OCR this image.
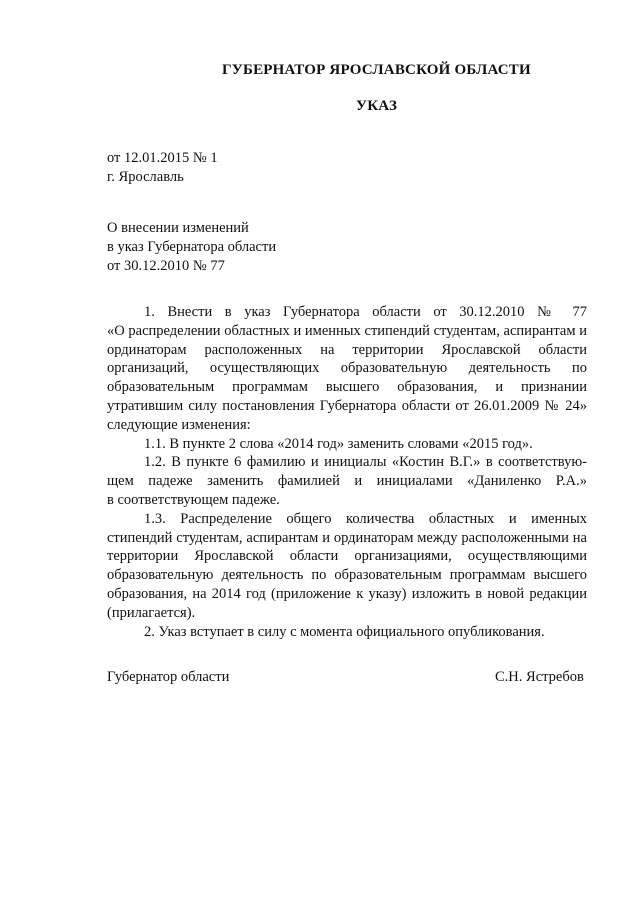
ГУБЕРНАТОР ЯРОСЛАВСКОЙ ОБЛАСТИ
УКАЗ
от 12.01.2015 № 1
г. Ярославль
О внесении изменений
в указ Губернатора области
от 30.12.2010 № 77
1. Внести в указ Губернатора области от 30.12.2010 № 77
«О распределении областных и именных стипендий студентам, аспирантам и
ординаторам расположенных на территории Ярославской области
организаций, осуществляющих образовательную деятельность по
образовательным программам высшего образования, и признании
утратившим силу постановления Губернатора области от 26.01.2009 № 24»
следующие изменения:
1.1. В пункте 2 слова «2014 год» заменить словами «2015 год».
1.2. В пункте 6 фамилию и инициалы «Костин В.Г.» в соответствую-
щем падеже заменить фамилией и инициалами «Даниленко Р.А.»
в соответствующем падеже.
1.3. Распределение общего количества областных и именных
стипендий студентам, аспирантам и ординаторам между расположенными на
территории Ярославской области организациями, осуществляющими
образовательную деятельность по образовательным программам высшего
образования, на 2014 год (приложение к указу) изложить в новой редакции
(прилагается).
2. Указ вступает в силу с момента официального опубликования.
Губернатор области	С.Н. Ястребов
